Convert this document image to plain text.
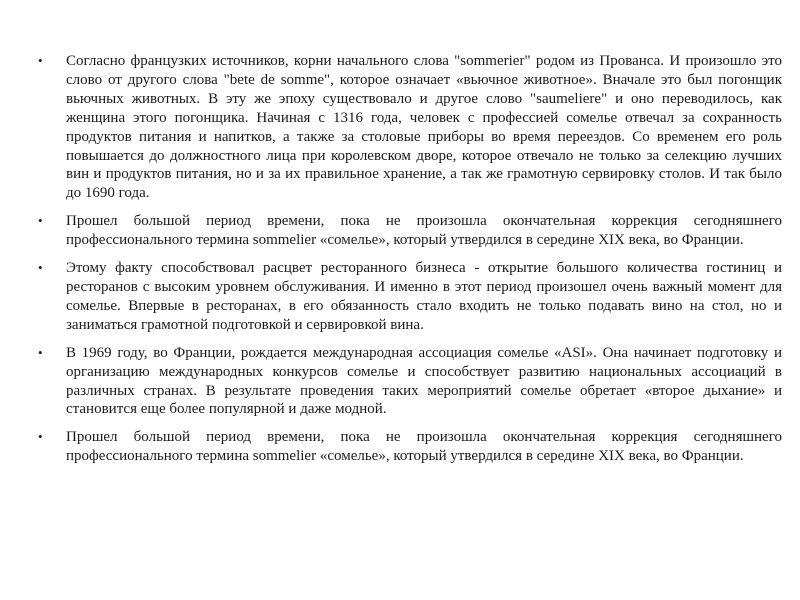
•	Согласно французких источников, корни начального слова "sommerier" родом из Прованса. И произошло это слово от другого слова "bete de somme", которое означает «вьючное животное». Вначале это был погонщик вьючных животных. В эту же эпоху существовало и другое слово "saumeliere" и оно переводилось, как женщина этого погонщика. Начиная с 1316 года, человек с профессией сомелье отвечал за сохранность продуктов питания и напитков, а также за столовые приборы во время переездов. Со временем его роль повышается до должностного лица при королевском дворе, которое отвечало не только за селекцию лучших вин и продуктов питания, но и за их правильное хранение, а так же грамотную сервировку столов. И так было до 1690 года.
•	Прошел большой период времени, пока не произошла окончательная коррекция сегодняшнего профессионального термина sommelier «сомелье», который утвердился в середине XIX века, во Франции.
•	Этому факту способствовал расцвет ресторанного бизнеса - открытие большого количества гостиниц и ресторанов с высоким уровнем обслуживания. И именно в этот период произошел очень важный момент для сомелье. Впервые в ресторанах, в его обязанность стало входить не только подавать вино на стол, но и заниматься грамотной подготовкой и сервировкой вина.
•	В 1969 году, во Франции, рождается международная ассоциация сомелье «ASI». Она начинает подготовку и организацию международных конкурсов сомелье и способствует развитию национальных ассоциаций в различных странах. В результате проведения таких мероприятий сомелье обретает «второе дыхание» и становится еще более популярной и даже модной.
•	Прошел большой период времени, пока не произошла окончательная коррекция сегодняшнего профессионального термина sommelier «сомелье», который утвердился в середине XIX века, во Франции.
